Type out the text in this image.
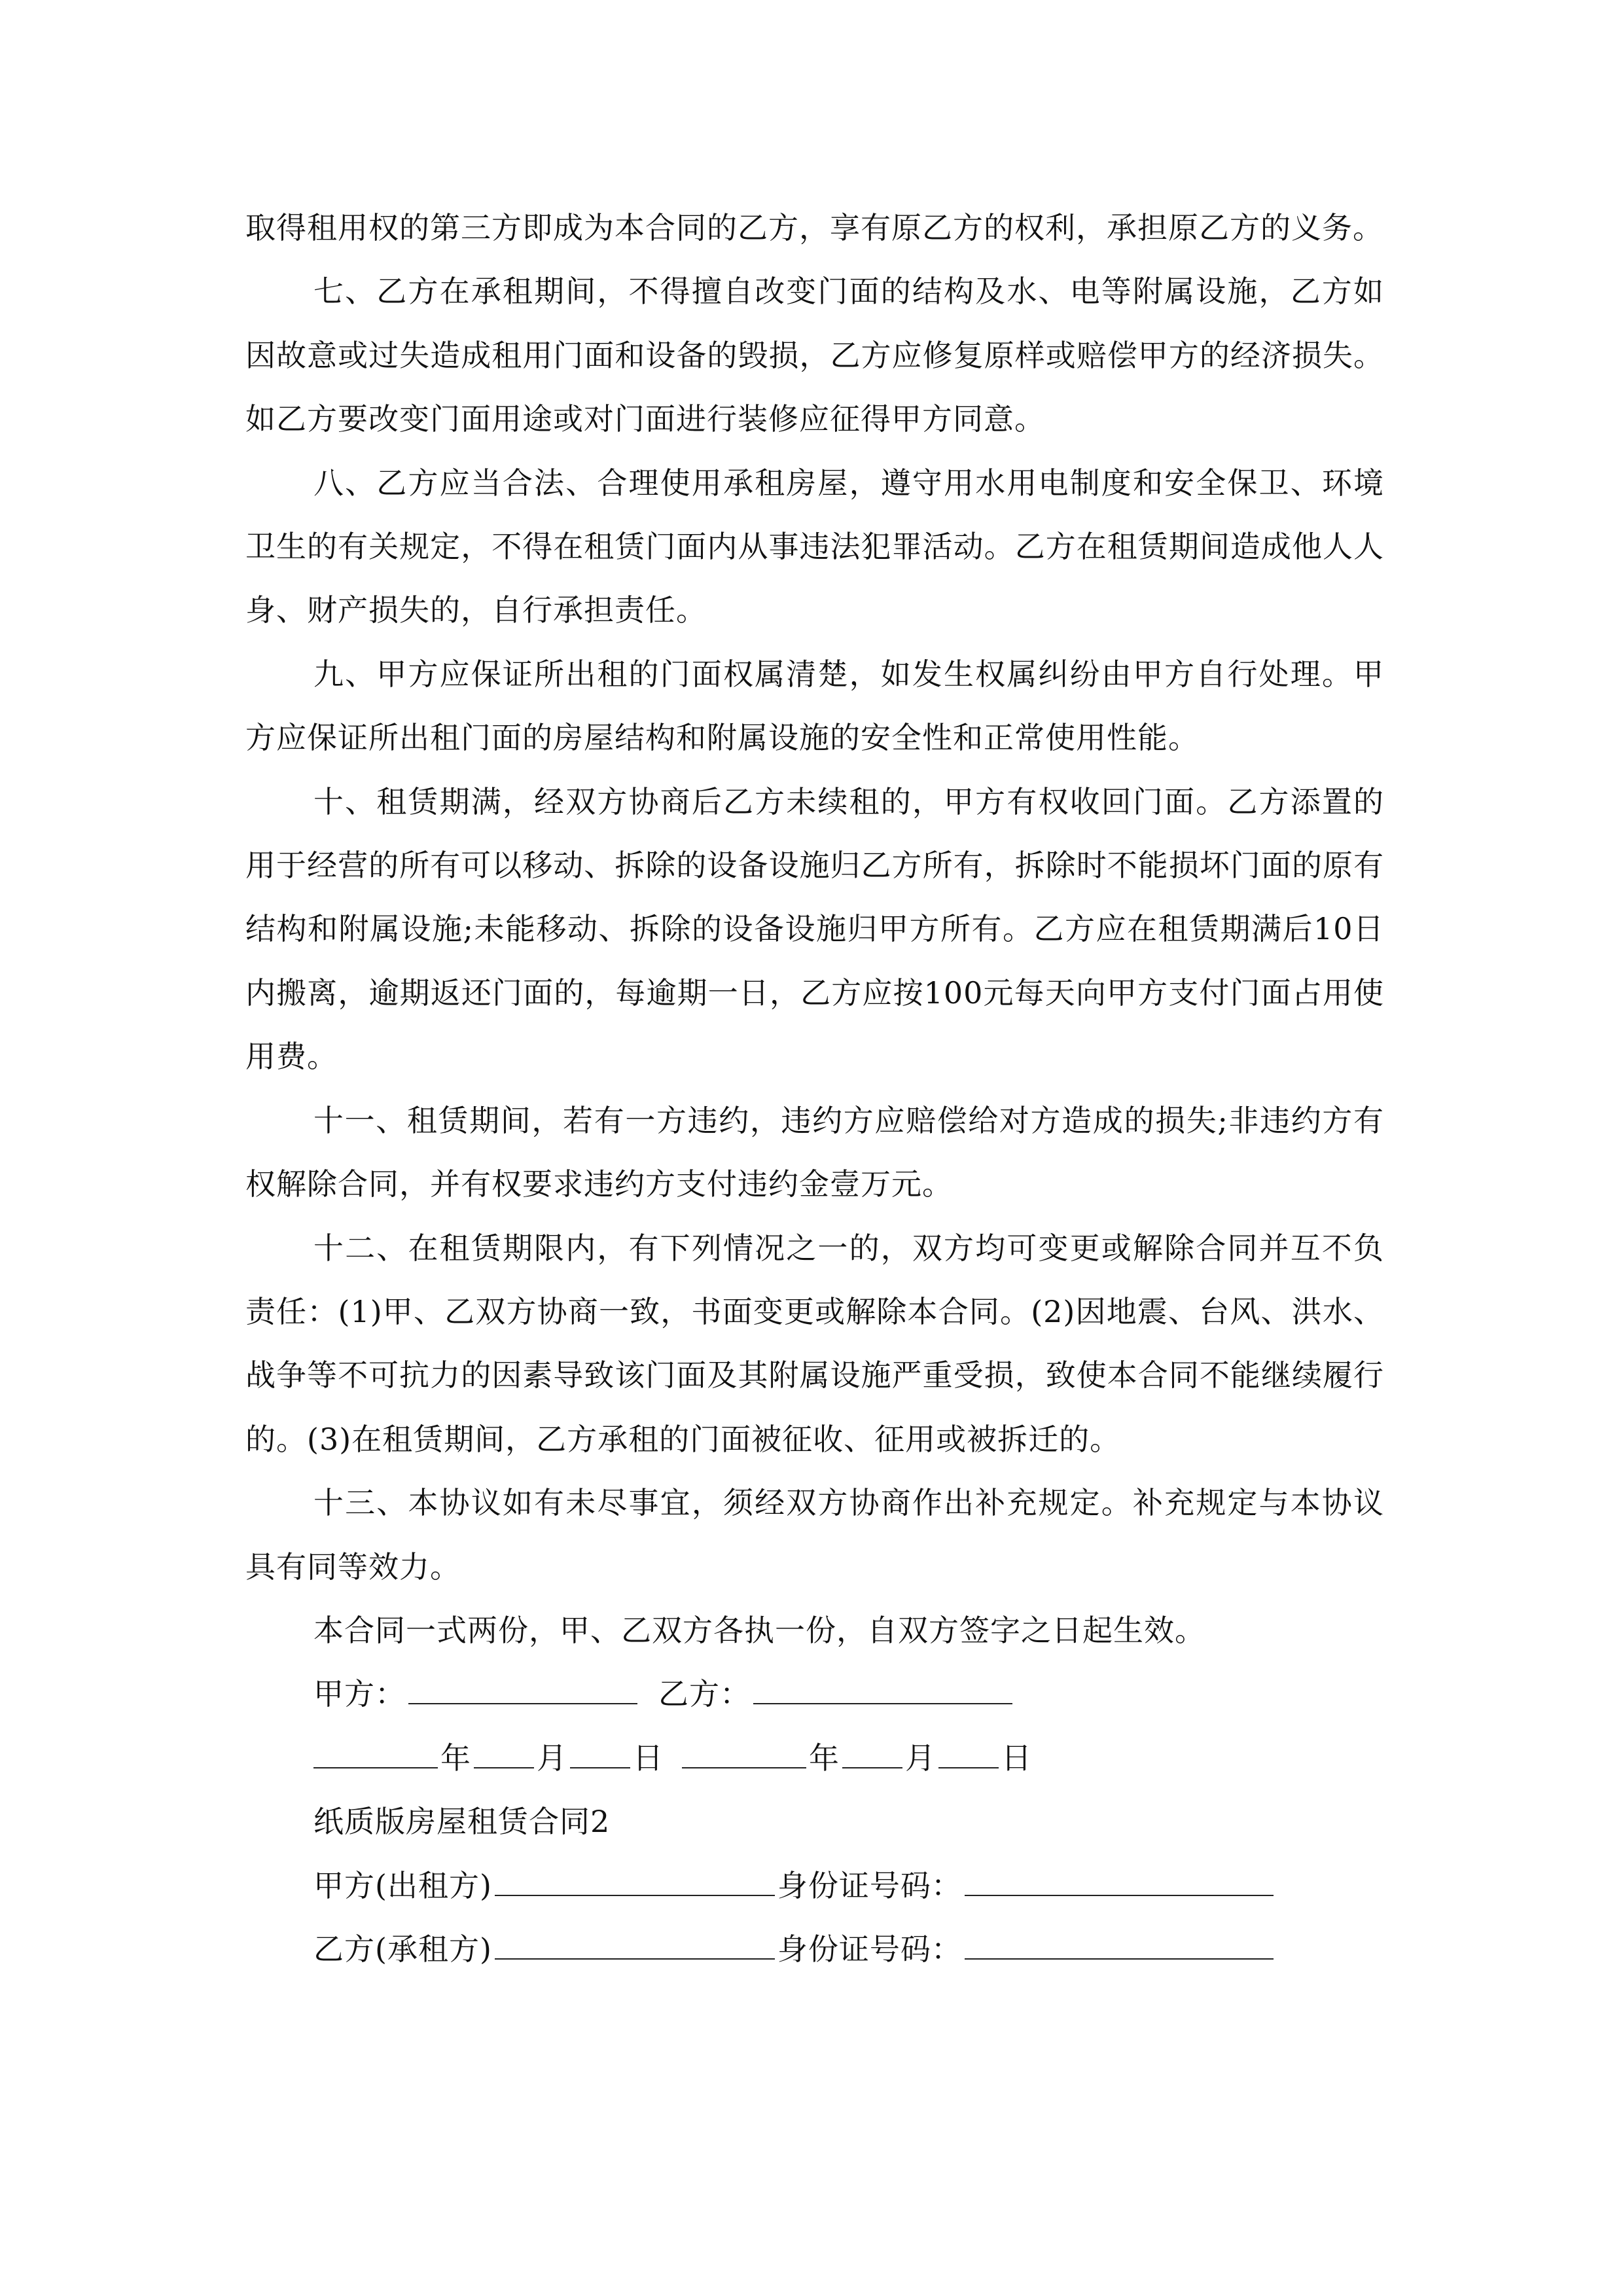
取得租用权的第三方即成为本合同的乙方，享有原乙方的权利，承担原乙方的义务。

七、乙方在承租期间，不得擅自改变门面的结构及水、电等附属设施，乙方如因故意或过失造成租用门面和设备的毁损，乙方应修复原样或赔偿甲方的经济损失。如乙方要改变门面用途或对门面进行装修应征得甲方同意。

八、乙方应当合法、合理使用承租房屋，遵守用水用电制度和安全保卫、环境卫生的有关规定，不得在租赁门面内从事违法犯罪活动。乙方在租赁期间造成他人人身、财产损失的，自行承担责任。

九、甲方应保证所出租的门面权属清楚，如发生权属纠纷由甲方自行处理。甲方应保证所出租门面的房屋结构和附属设施的安全性和正常使用性能。

十、租赁期满，经双方协商后乙方未续租的，甲方有权收回门面。乙方添置的用于经营的所有可以移动、拆除的设备设施归乙方所有，拆除时不能损坏门面的原有结构和附属设施;未能移动、拆除的设备设施归甲方所有。乙方应在租赁期满后10日内搬离，逾期返还门面的，每逾期一日，乙方应按100元每天向甲方支付门面占用使用费。

十一、租赁期间，若有一方违约，违约方应赔偿给对方造成的损失;非违约方有权解除合同，并有权要求违约方支付违约金壹万元。

十二、在租赁期限内，有下列情况之一的，双方均可变更或解除合同并互不负责任：(1)甲、乙双方协商一致，书面变更或解除本合同。(2)因地震、台风、洪水、战争等不可抗力的因素导致该门面及其附属设施严重受损，致使本合同不能继续履行的。(3)在租赁期间，乙方承租的门面被征收、征用或被拆迁的。

十三、本协议如有未尽事宜，须经双方协商作出补充规定。补充规定与本协议具有同等效力。

本合同一式两份，甲、乙双方各执一份，自双方签字之日起生效。

甲方：	乙方：

年 月 日	年 月 日

纸质版房屋租赁合同2

甲方(出租方)	身份证号码：

乙方(承租方)	身份证号码：
